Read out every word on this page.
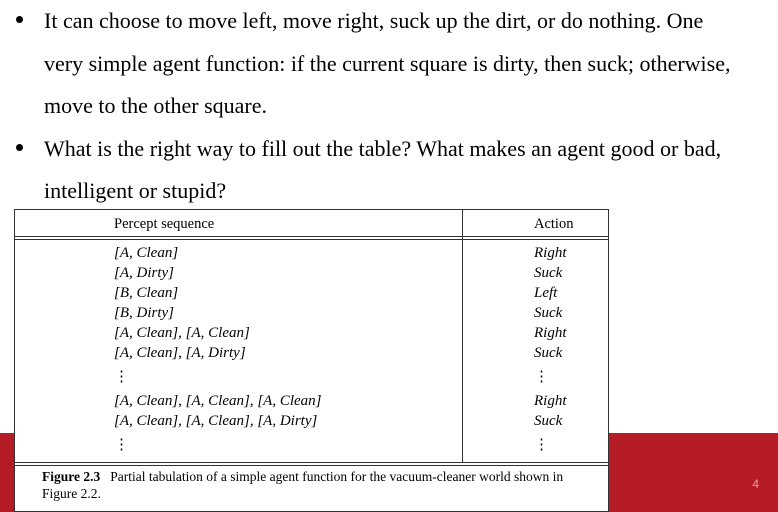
It can choose to move left, move right, suck up the dirt, or do nothing. One
very simple agent function: if the current square is dirty, then suck; otherwise,
move to the other square.
What is the right way to fill out the table? What makes an agent good or bad,
intelligent or stupid?
4
Percept sequence	Action
[A, Clean]
[A, Dirty]
[B, Clean]
[B, Dirty]
[A, Clean], [A, Clean]
[A, Clean], [A, Dirty]
⋮
[A, Clean], [A, Clean], [A, Clean]
[A, Clean], [A, Clean], [A, Dirty]
⋮
Right
Suck
Left
Suck
Right
Suck
⋮
Right
Suck
⋮
Figure 2.3 Partial tabulation of a simple agent function for the vacuum-cleaner world shown in Figure 2.2.
